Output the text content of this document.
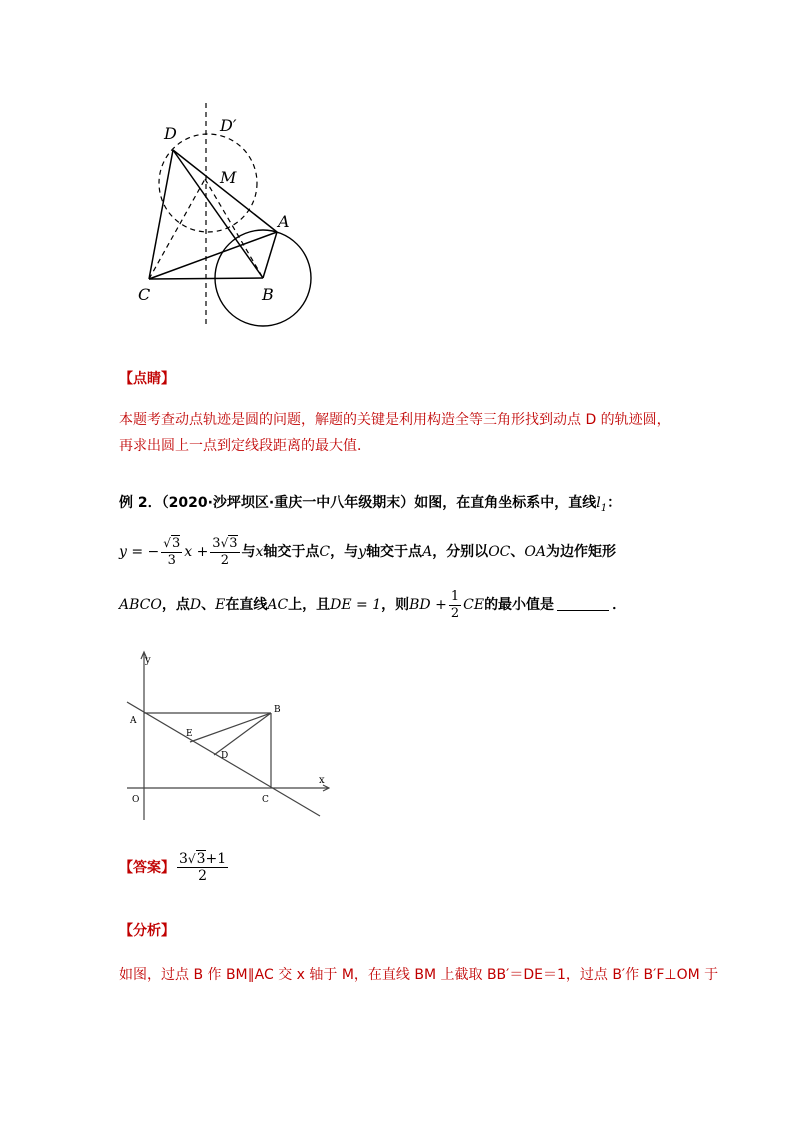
D	D′
M
A
C	B
【点睛】
本题考查动点轨迹是圆的问题，解题的关键是利用构造全等三角形找到动点 D 的轨迹圆，
再求出圆上一点到定线段距离的最大值．
例 2．（2020·沙坪坝区·重庆一中八年级期末）如图，在直角坐标系中，直线$l_1$：
y = − $\frac{√3}{3}$ $x + \frac{3√3}{2}$ 与x轴交于点C，与y轴交于点A，分别以OC、OA为边作矩形
ABCO，点D、E在直线AC上，且DE = 1，则BD + $\frac{1}{2}$ CE的最小值是	．
y
x
A
B
E
D
O	C
【答案】 $\frac{3√3+1}{2}$
【分析】
如图，过点 B 作 BM∥AC 交 x 轴于 M，在直线 BM 上截取 BB′＝DE＝1，过点 B′作 B′F⊥OM 于
